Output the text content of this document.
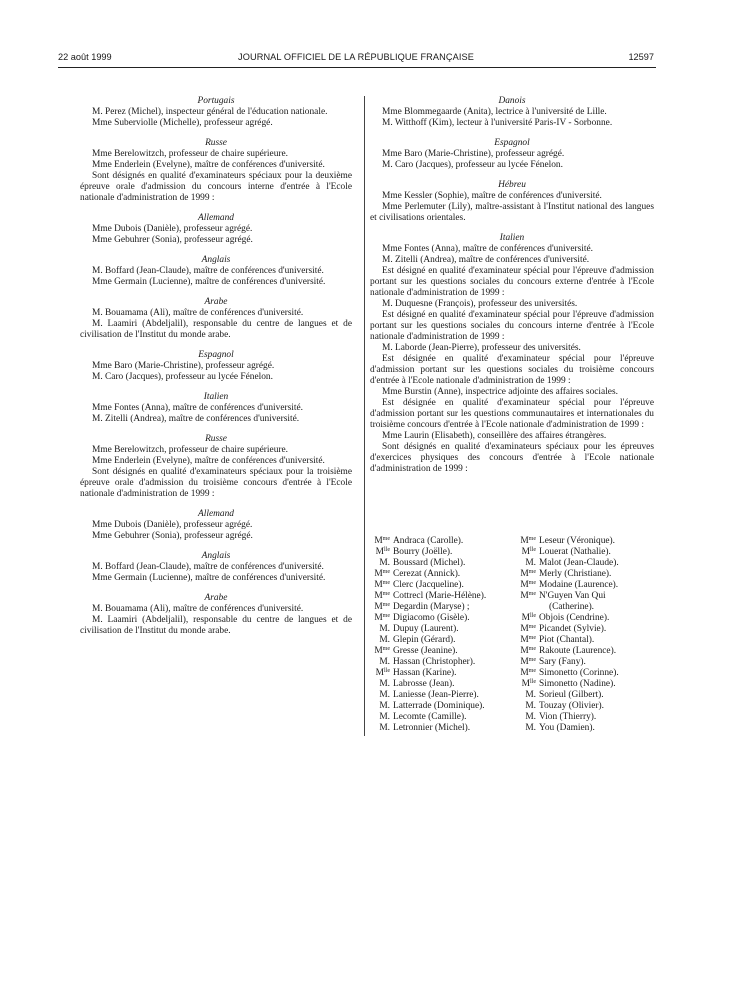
22 août 1999	JOURNAL OFFICIEL DE LA RÉPUBLIQUE FRANÇAISE	12597

Portugais

M. Perez (Michel), inspecteur général de l'éducation nationale.

Mme Suberviolle (Michelle), professeur agrégé.

Russe

Mme Berelowitzch, professeur de chaire supérieure.

Mme Enderlein (Evelyne), maître de conférences d'université.

Sont désignés en qualité d'examinateurs spéciaux pour la deuxième épreuve orale d'admission du concours interne d'entrée à l'Ecole nationale d'administration de 1999 :

Allemand

Mme Dubois (Danièle), professeur agrégé.

Mme Gebuhrer (Sonia), professeur agrégé.

Anglais

M. Boffard (Jean-Claude), maître de conférences d'université.

Mme Germain (Lucienne), maître de conférences d'université.

Arabe

M. Bouamama (Ali), maître de conférences d'université.

M. Laamiri (Abdeljalil), responsable du centre de langues et de civilisation de l'Institut du monde arabe.

Espagnol

Mme Baro (Marie-Christine), professeur agrégé.

M. Caro (Jacques), professeur au lycée Fénelon.

Italien

Mme Fontes (Anna), maître de conférences d'université.

M. Zitelli (Andrea), maître de conférences d'université.

Russe

Mme Berelowitzch, professeur de chaire supérieure.

Mme Enderlein (Evelyne), maître de conférences d'université.

Sont désignés en qualité d'examinateurs spéciaux pour la troisième épreuve orale d'admission du troisième concours d'entrée à l'Ecole nationale d'administration de 1999 :

Allemand

Mme Dubois (Danièle), professeur agrégé.

Mme Gebuhrer (Sonia), professeur agrégé.

Anglais

M. Boffard (Jean-Claude), maître de conférences d'université.

Mme Germain (Lucienne), maître de conférences d'université.

Arabe

M. Bouamama (Ali), maître de conférences d'université.

M. Laamiri (Abdeljalil), responsable du centre de langues et de civilisation de l'Institut du monde arabe.

Danois

Mme Blommegaarde (Anita), lectrice à l'université de Lille.

M. Witthoff (Kim), lecteur à l'université Paris-IV - Sorbonne.

Espagnol

Mme Baro (Marie-Christine), professeur agrégé.

M. Caro (Jacques), professeur au lycée Fénelon.

Hébreu

Mme Kessler (Sophie), maître de conférences d'université.

Mme Perlemuter (Lily), maître-assistant à l'Institut national des langues et civilisations orientales.

Italien

Mme Fontes (Anna), maître de conférences d'université.

M. Zitelli (Andrea), maître de conférences d'université.

Est désigné en qualité d'examinateur spécial pour l'épreuve d'admission portant sur les questions sociales du concours externe d'entrée à l'Ecole nationale d'administration de 1999 :

M. Duquesne (François), professeur des universités.

Est désigné en qualité d'examinateur spécial pour l'épreuve d'admission portant sur les questions sociales du concours interne d'entrée à l'Ecole nationale d'administration de 1999 :

M. Laborde (Jean-Pierre), professeur des universités.

Est désignée en qualité d'examinateur spécial pour l'épreuve d'admission portant sur les questions sociales du troisième concours d'entrée à l'Ecole nationale d'administration de 1999 :

Mme Burstin (Anne), inspectrice adjointe des affaires sociales.

Est désignée en qualité d'examinateur spécial pour l'épreuve d'admission portant sur les questions communautaires et internationales du troisième concours d'entrée à l'Ecole nationale d'administration de 1999 :

Mme Laurin (Elisabeth), conseillère des affaires étrangères.

Sont désignés en qualité d'examinateurs spéciaux pour les épreuves d'exercices physiques des concours d'entrée à l'Ecole nationale d'administration de 1999 :

$M^{me}$ Andraca (Carolle).
$M^{lle}$ Bourry (Joëlle).
M. Boussard (Michel).
$M^{me}$ Cerezat (Annick).
$M^{me}$ Clerc (Jacqueline).
$M^{me}$ Cottrecl (Marie-Hélène).
$M^{me}$ Degardin (Maryse) ;
$M^{me}$ Digiacomo (Gisèle).
M. Dupuy (Laurent).
M. Glepin (Gérard).
$M^{me}$ Gresse (Jeanine).
M. Hassan (Christopher).
$M^{lle}$ Hassan (Karine).
M. Labrosse (Jean).
M. Laniesse (Jean-Pierre).
M. Latterrade (Dominique).
M. Lecomte (Camille).
M. Letronnier (Michel).
$M^{me}$ Leseur (Véronique).
$M^{lle}$ Louerat (Nathalie).
M. Malot (Jean-Claude).
$M^{me}$ Merly (Christiane).
$M^{me}$ Modaine (Laurence).
$M^{me}$ N'Guyen Van Qui
(Catherine).
$M^{lle}$ Objois (Cendrine).
$M^{me}$ Picandet (Sylvie).
$M^{me}$ Piot (Chantal).
$M^{me}$ Rakoute (Laurence).
$M^{me}$ Sary (Fany).
$M^{me}$ Simonetto (Corinne).
$M^{lle}$ Simonetto (Nadine).
M. Sorieul (Gilbert).
M. Touzay (Olivier).
M. Vion (Thierry).
M. You (Damien).
